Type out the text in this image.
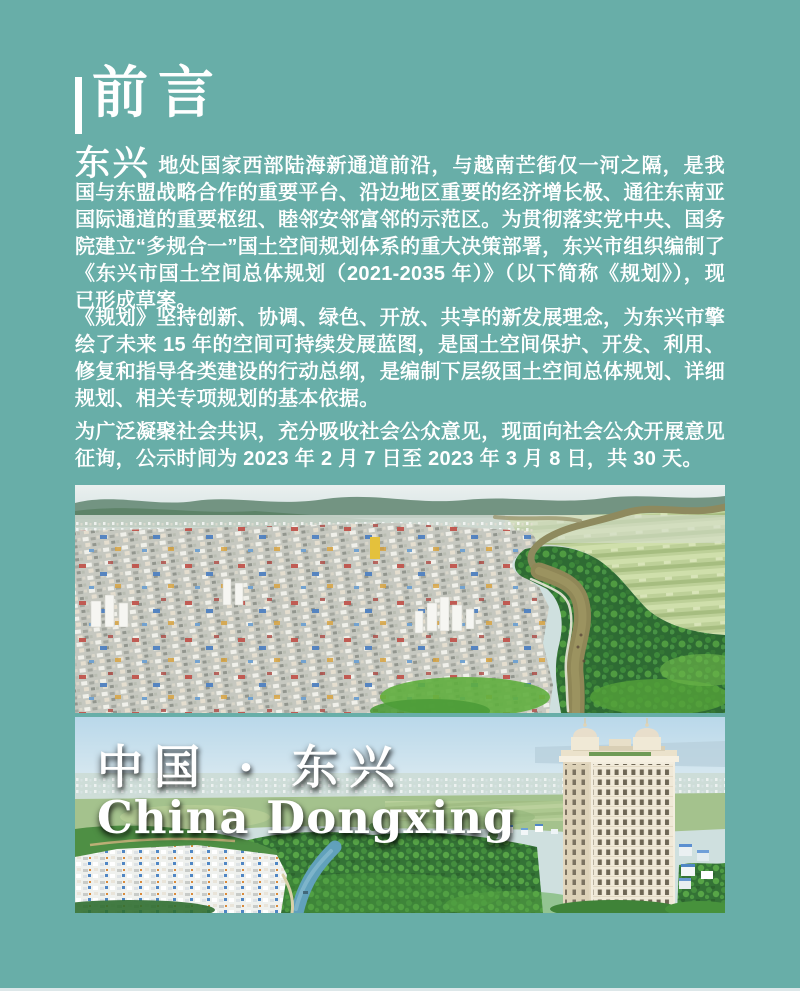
前言

东兴 地处国家西部陆海新通道前沿，与越南芒街仅一河之隔，是我国与东盟战略合作的重要平台、沿边地区重要的经济增长极、通往东南亚国际通道的重要枢纽、睦邻安邻富邻的示范区。为贯彻落实党中央、国务院建立“多规合一”国土空间规划体系的重大决策部署，东兴市组织编制了《东兴市国土空间总体规划（2021-2035 年）》（以下简称《规划》），现已形成草案。

《规划》坚持创新、协调、绿色、开放、共享的新发展理念，为东兴市擎绘了未来 15 年的空间可持续发展蓝图，是国土空间保护、开发、利用、修复和指导各类建设的行动总纲，是编制下层级国土空间总体规划、详细规划、相关专项规划的基本依据。

为广泛凝聚社会共识，充分吸收社会公众意见，现面向社会公众开展意见征询，公示时间为 2023 年 2 月 7 日至 2023 年 3 月 8 日，共 30 天。

中国 · 东兴
China Dongxing
